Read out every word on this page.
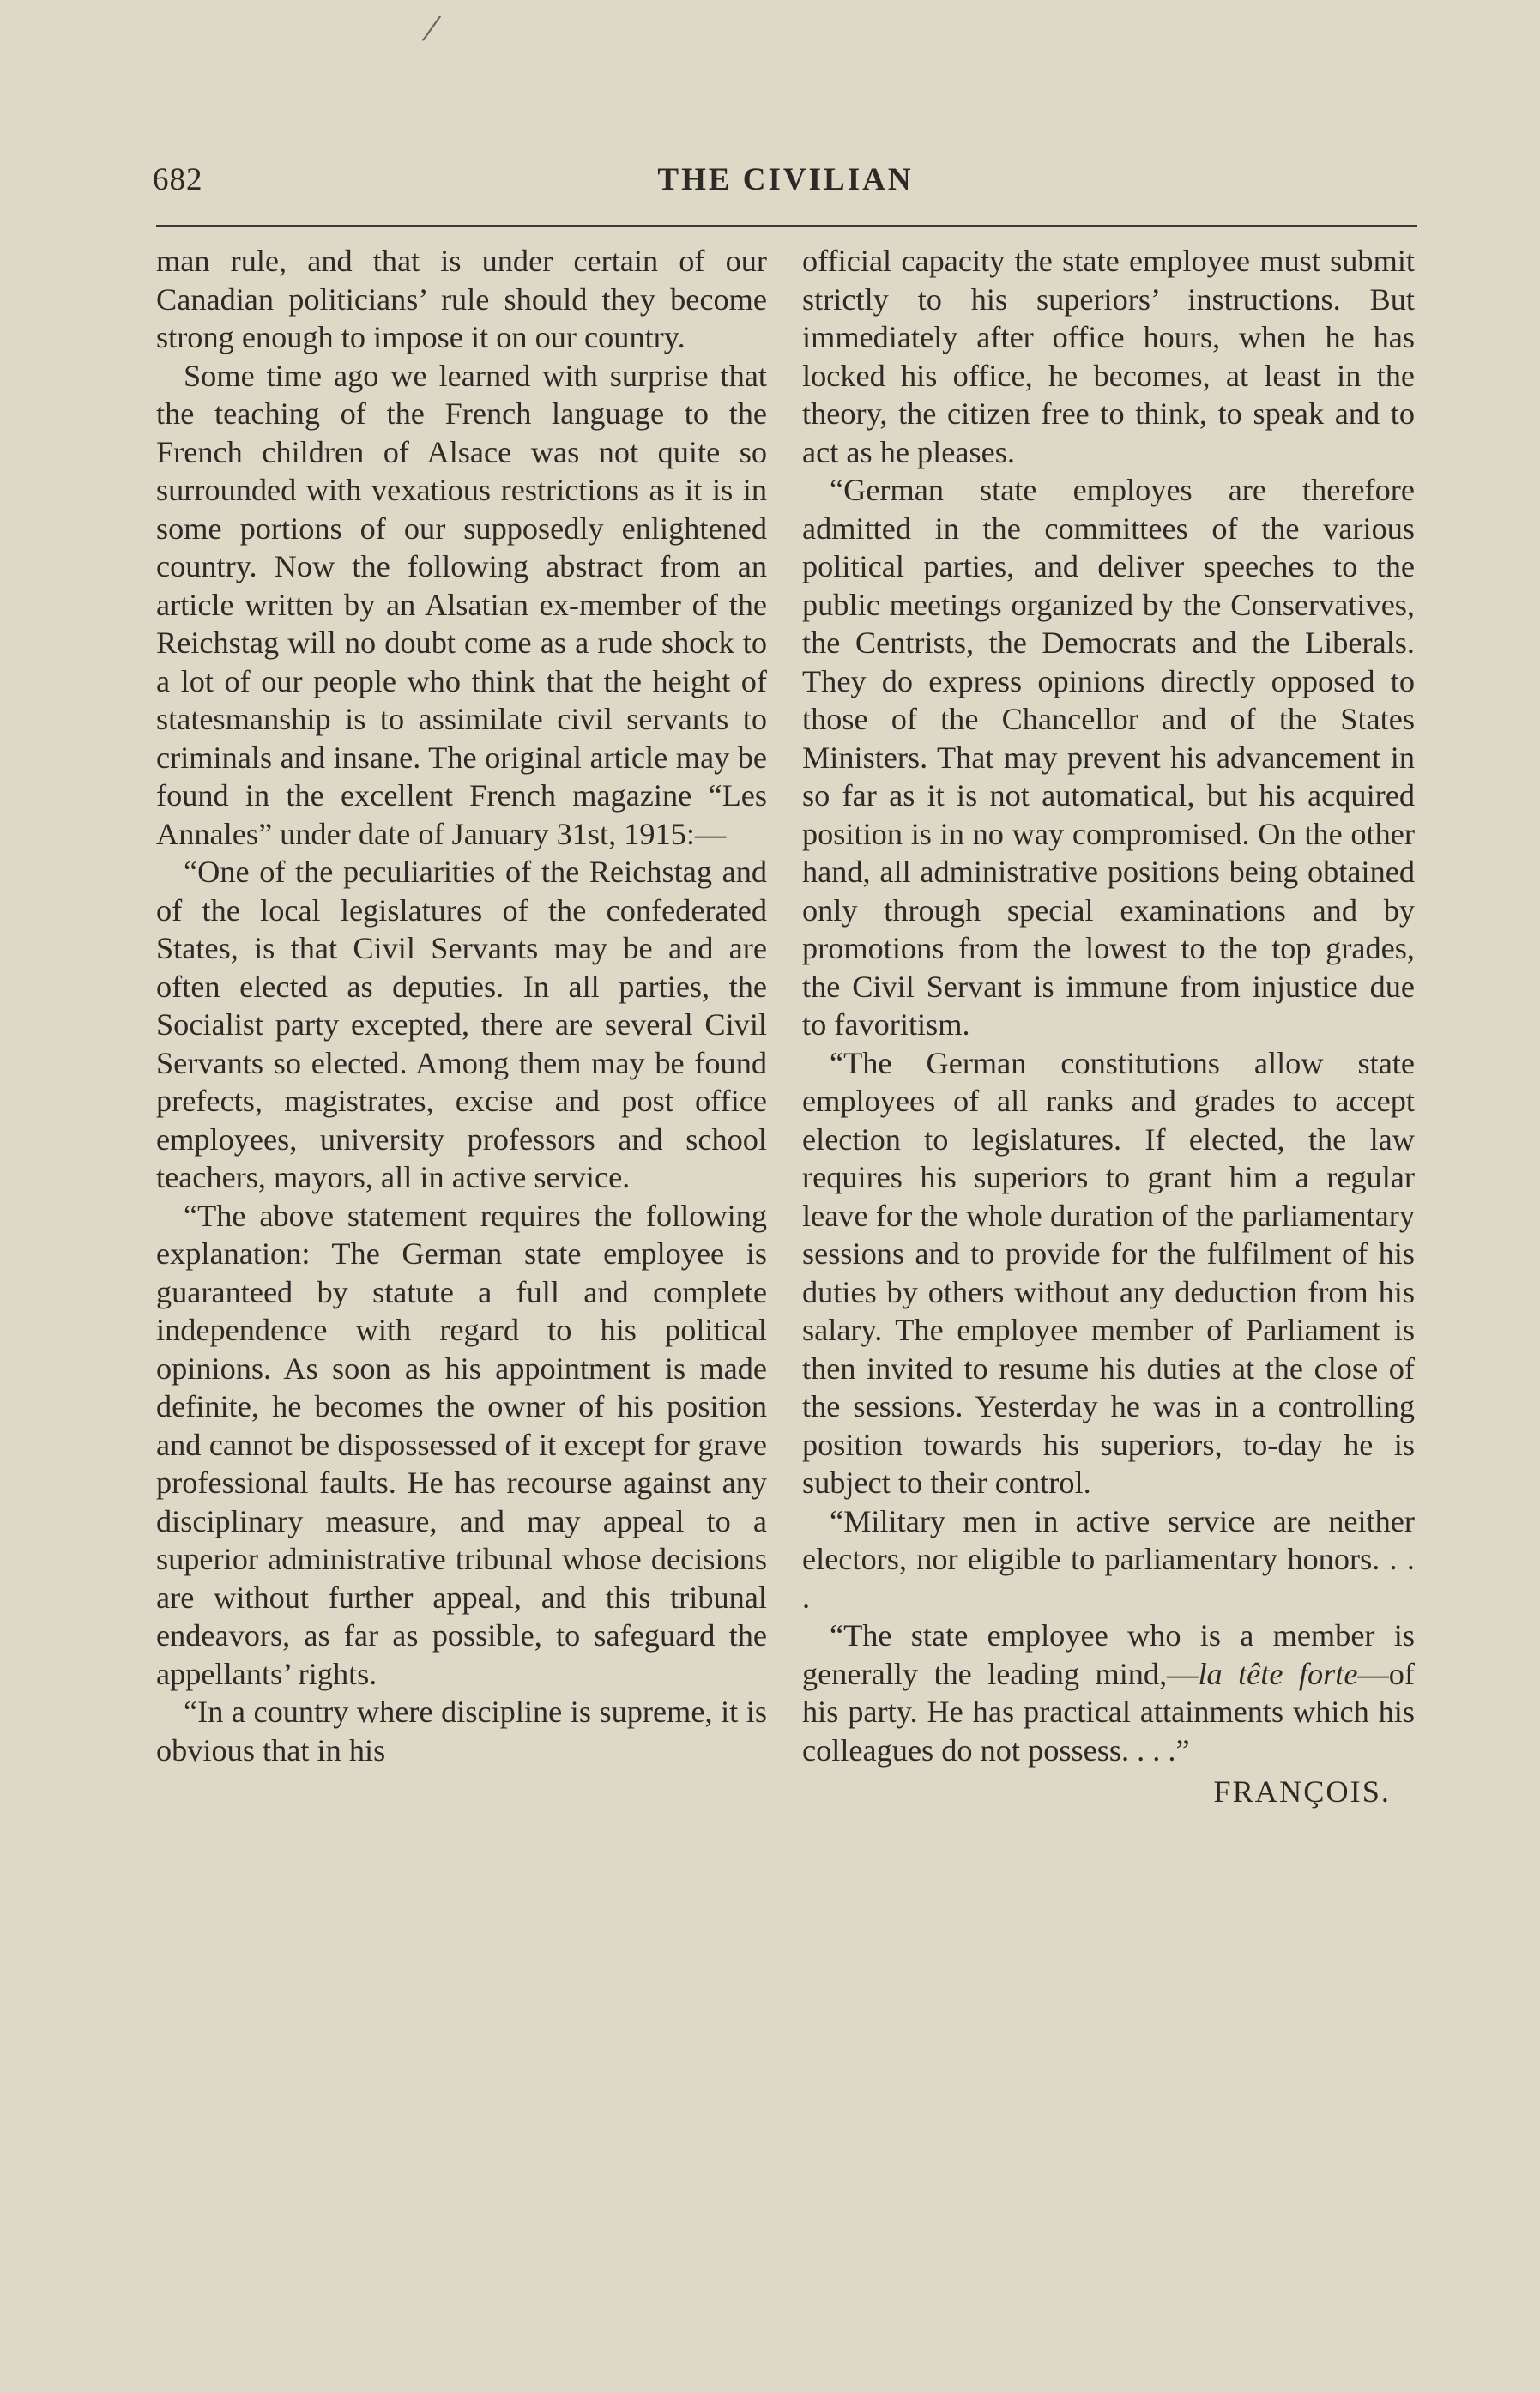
/
682	THE CIVILIAN

man rule, and that is under certain of our Canadian politicians’ rule should they become strong enough to impose it on our country.

Some time ago we learned with surprise that the teaching of the French language to the French children of Alsace was not quite so surrounded with vexatious restrictions as it is in some portions of our supposedly enlightened country. Now the following abstract from an article written by an Alsatian ex-member of the Reichstag will no doubt come as a rude shock to a lot of our people who think that the height of statesmanship is to assimilate civil servants to criminals and insane. The original article may be found in the excellent French magazine “Les Annales” under date of January 31st, 1915:—

“One of the peculiarities of the Reichstag and of the local legislatures of the confederated States, is that Civil Servants may be and are often elected as deputies. In all parties, the Socialist party excepted, there are several Civil Servants so elected. Among them may be found prefects, magistrates, excise and post office employees, university professors and school teachers, mayors, all in active service.

“The above statement requires the following explanation: The German state employee is guaranteed by statute a full and complete independence with regard to his political opinions. As soon as his appointment is made definite, he becomes the owner of his position and cannot be dispossessed of it except for grave professional faults. He has recourse against any disciplinary measure, and may appeal to a superior administrative tribunal whose decisions are without further appeal, and this tribunal endeavors, as far as possible, to safeguard the appellants’ rights.

“In a country where discipline is supreme, it is obvious that in his

official capacity the state employee must submit strictly to his superiors’ instructions. But immediately after office hours, when he has locked his office, he becomes, at least in the theory, the citizen free to think, to speak and to act as he pleases.

“German state employes are therefore admitted in the committees of the various political parties, and deliver speeches to the public meetings organized by the Conservatives, the Centrists, the Democrats and the Liberals. They do express opinions directly opposed to those of the Chancellor and of the States Ministers. That may prevent his advancement in so far as it is not automatical, but his acquired position is in no way compromised. On the other hand, all administrative positions being obtained only through special examinations and by promotions from the lowest to the top grades, the Civil Servant is immune from injustice due to favoritism.

“The German constitutions allow state employees of all ranks and grades to accept election to legislatures. If elected, the law requires his superiors to grant him a regular leave for the whole duration of the parliamentary sessions and to provide for the fulfilment of his duties by others without any deduction from his salary. The employee member of Parliament is then invited to resume his duties at the close of the sessions. Yesterday he was in a controlling position towards his superiors, to-day he is subject to their control.

“Military men in active service are neither electors, nor eligible to parliamentary honors. . . .

“The state employee who is a member is generally the leading mind,—la tête forte—of his party. He has practical attainments which his colleagues do not possess. . . .”

FRANÇOIS.
